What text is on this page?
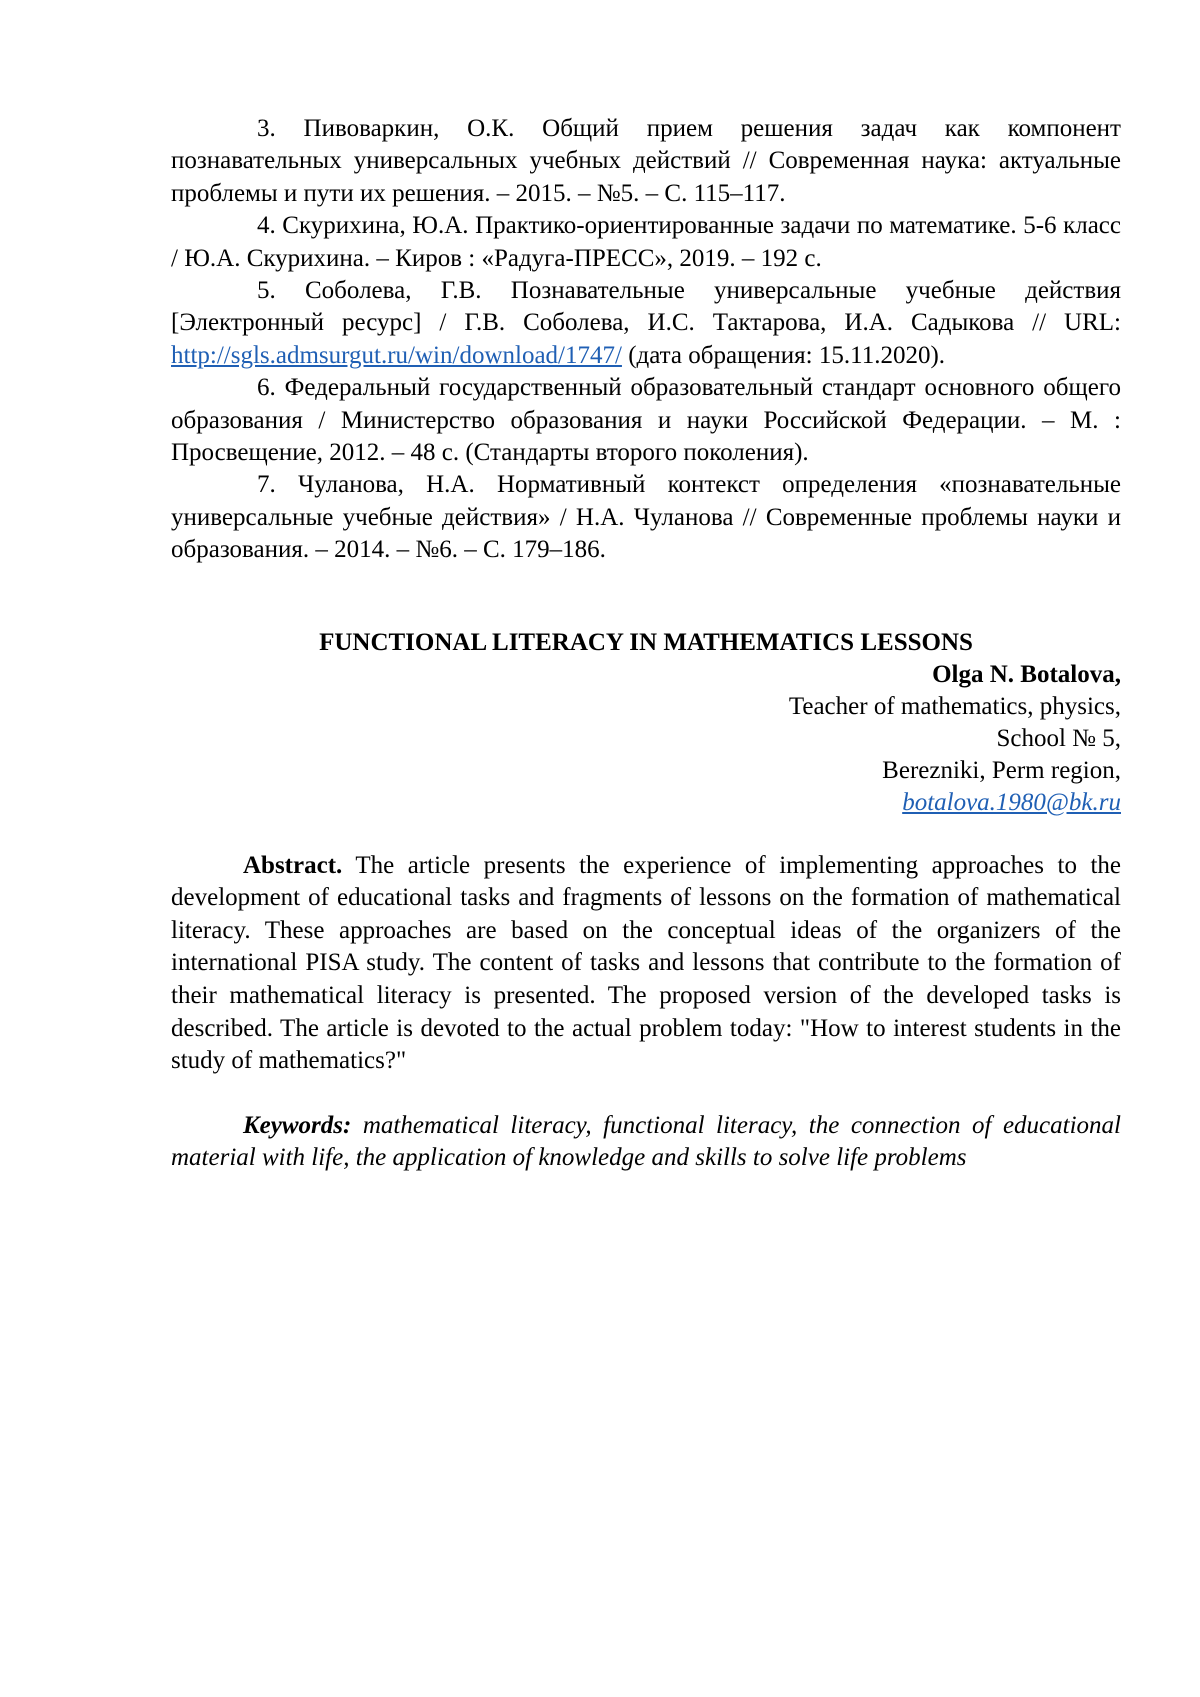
3. Пивоваркин, О.К. Общий прием решения задач как компонент познавательных универсальных учебных действий // Современная наука: актуальные проблемы и пути их решения. – 2015. – №5. – С. 115–117.

4. Скурихина, Ю.А. Практико-ориентированные задачи по математике. 5-6 класс / Ю.А. Скурихина. – Киров : «Радуга-ПРЕСС», 2019. – 192 с.

5. Соболева, Г.В. Познавательные универсальные учебные действия [Электронный ресурс] / Г.В. Соболева, И.С. Тактарова, И.А. Садыкова // URL: http://sgls.admsurgut.ru/win/download/1747/ (дата обращения: 15.11.2020).

6. Федеральный государственный образовательный стандарт основного общего образования / Министерство образования и науки Российской Федерации. – М. : Просвещение, 2012. – 48 с. (Стандарты второго поколения).

7. Чуланова, Н.А. Нормативный контекст определения «познавательные универсальные учебные действия» / Н.А. Чуланова // Современные проблемы науки и образования. – 2014. – №6. – С. 179–186.

FUNCTIONAL LITERACY IN MATHEMATICS LESSONS
Olga N. Botalova,
Teacher of mathematics, physics,
School № 5,
Berezniki, Perm region,
botalova.1980@bk.ru
Abstract. The article presents the experience of implementing approaches to the development of educational tasks and fragments of lessons on the formation of mathematical literacy. These approaches are based on the conceptual ideas of the organizers of the international PISA study. The content of tasks and lessons that contribute to the formation of their mathematical literacy is presented. The proposed version of the developed tasks is described. The article is devoted to the actual problem today: "How to interest students in the study of mathematics?"
Keywords: mathematical literacy, functional literacy, the connection of educational material with life, the application of knowledge and skills to solve life problems
